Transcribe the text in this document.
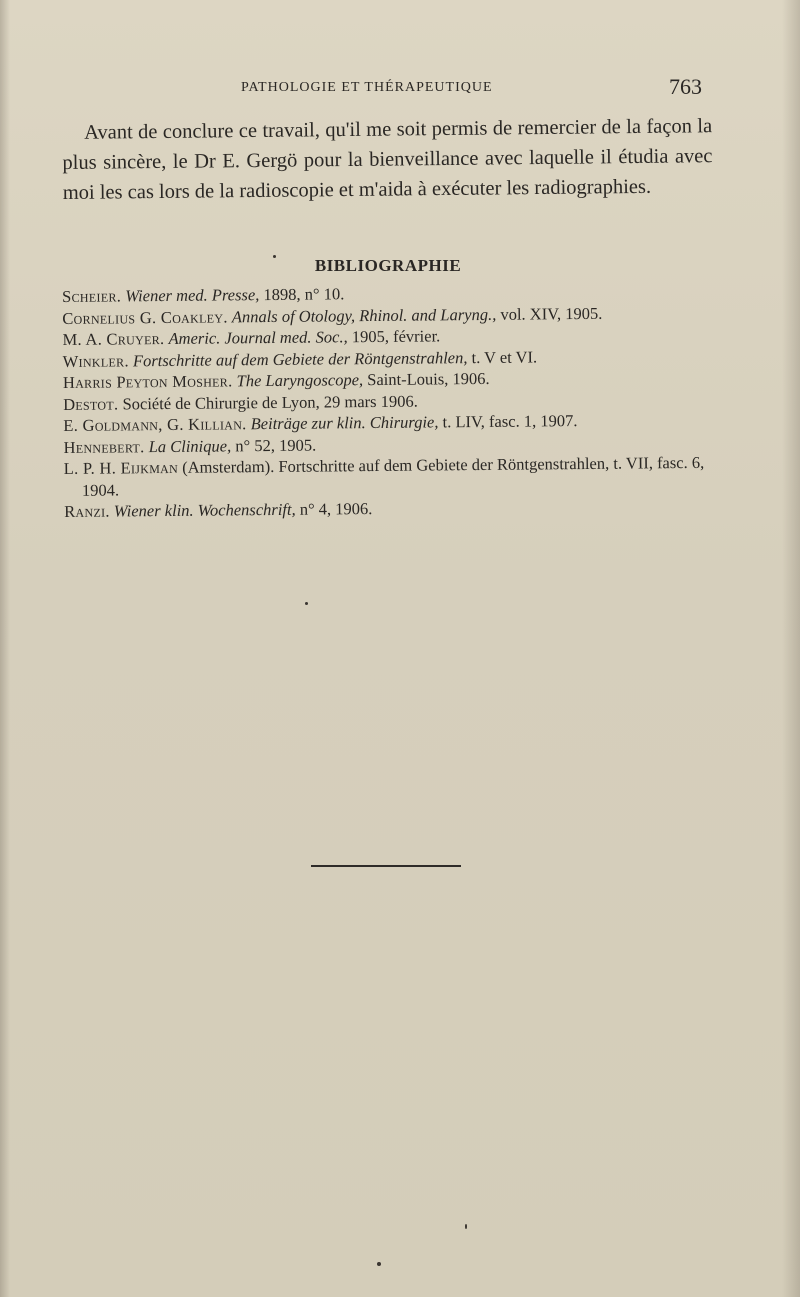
PATHOLOGIE ET THÉRAPEUTIQUE	763

Avant de conclure ce travail, qu'il me soit permis de remercier de la façon la plus sincère, le Dr E. Gergö pour la bienveillance avec laquelle il étudia avec moi les cas lors de la radioscopie et m'aida à exécuter les radiographies.

BIBLIOGRAPHIE
Scheier. Wiener med. Presse, 1898, n° 10.
Cornelius G. Coakley. Annals of Otology, Rhinol. and Laryng., vol. XIV, 1905.
M. A. Cruyer. Americ. Journal med. Soc., 1905, février.
Winkler. Fortschritte auf dem Gebiete der Röntgenstrahlen, t. V et VI.
Harris Peyton Mosher. The Laryngoscope, Saint-Louis, 1906.
Destot. Société de Chirurgie de Lyon, 29 mars 1906.
E. Goldmann, G. Killian. Beiträge zur klin. Chirurgie, t. LIV, fasc. 1, 1907.
Hennebert. La Clinique, n° 52, 1905.
L. P. H. Eijkman (Amsterdam). Fortschritte auf dem Gebiete der Röntgenstrahlen, t. VII, fasc. 6, 1904.
Ranzi. Wiener klin. Wochenschrift, n° 4, 1906.
